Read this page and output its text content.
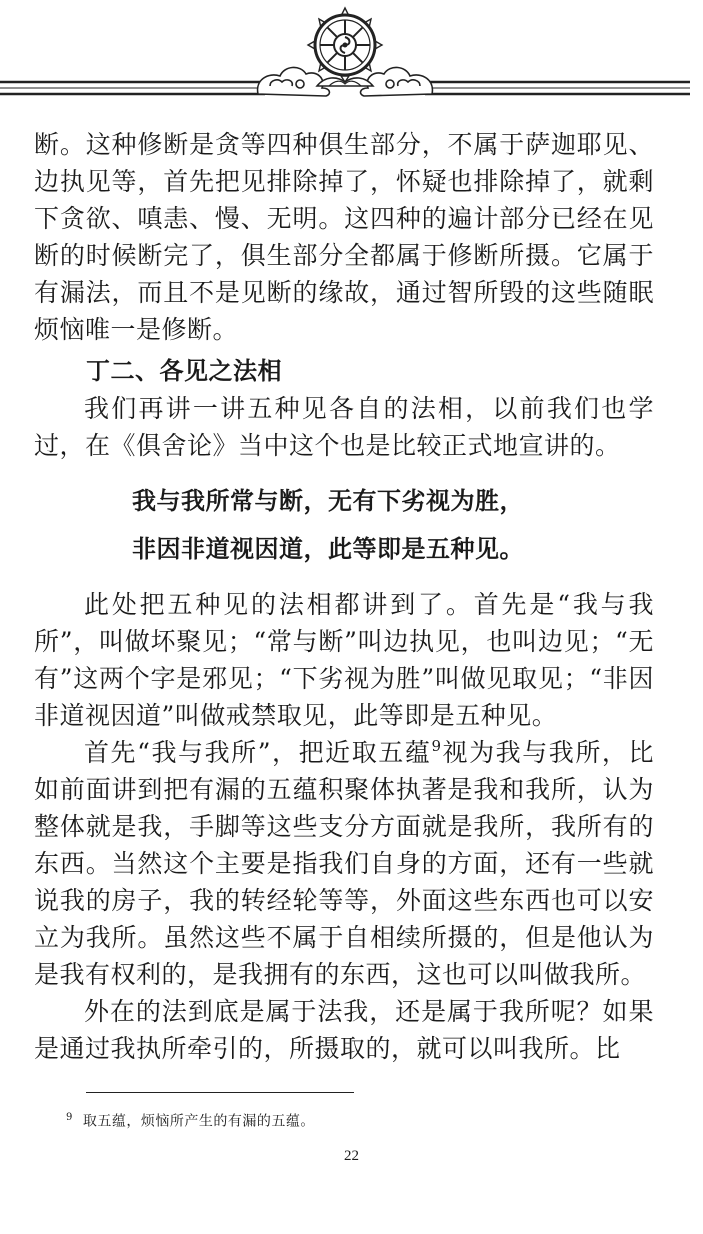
断。这种修断是贪等四种俱生部分，不属于萨迦耶见、边执见等，首先把见排除掉了，怀疑也排除掉了，就剩下贪欲、嗔恚、慢、无明。这四种的遍计部分已经在见断的时候断完了，俱生部分全都属于修断所摄。它属于有漏法，而且不是见断的缘故，通过智所毁的这些随眠烦恼唯一是修断。

丁二、各见之法相

我们再讲一讲五种见各自的法相，以前我们也学过，在《俱舍论》当中这个也是比较正式地宣讲的。

我与我所常与断，无有下劣视为胜，
非因非道视因道，此等即是五种见。

此处把五种见的法相都讲到了。首先是“我与我所”，叫做坏聚见；“常与断”叫边执见，也叫边见；“无有”这两个字是邪见；“下劣视为胜”叫做见取见；“非因非道视因道”叫做戒禁取见，此等即是五种见。

首先“我与我所”，把近取五蕴$^9$视为我与我所，比如前面讲到把有漏的五蕴积聚体执著是我和我所，认为整体就是我，手脚等这些支分方面就是我所，我所有的东西。当然这个主要是指我们自身的方面，还有一些就说我的房子，我的转经轮等等，外面这些东西也可以安立为我所。虽然这些不属于自相续所摄的，但是他认为是我有权利的，是我拥有的东西，这也可以叫做我所。

外在的法到底是属于法我，还是属于我所呢？如果是通过我执所牵引的，所摄取的，就可以叫我所。比

$^9$ 取五蕴，烦恼所产生的有漏的五蕴。
22
